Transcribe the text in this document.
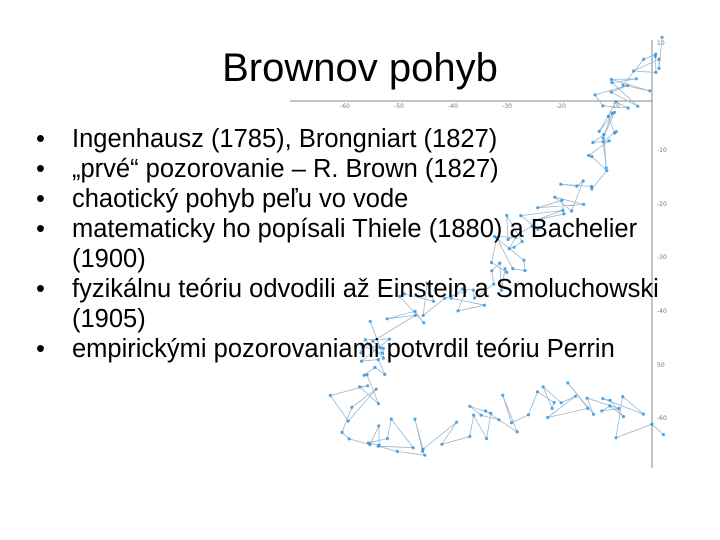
-60	-50	-40	-30	-20	-10
10
-10
-20
-30
-40
50
-60
Brownov pohyb
•	Ingenhausz (1785), Brongniart (1827)
•	„prvé“ pozorovanie – R. Brown (1827)
•	chaotický pohyb peľu vo vode
•	matematicky ho popísali Thiele (1880) a Bachelier (1900)
•	fyzikálnu teóriu odvodili až Einstein a Smoluchowski (1905)
•	empirickými pozorovaniami potvrdil teóriu Perrin
